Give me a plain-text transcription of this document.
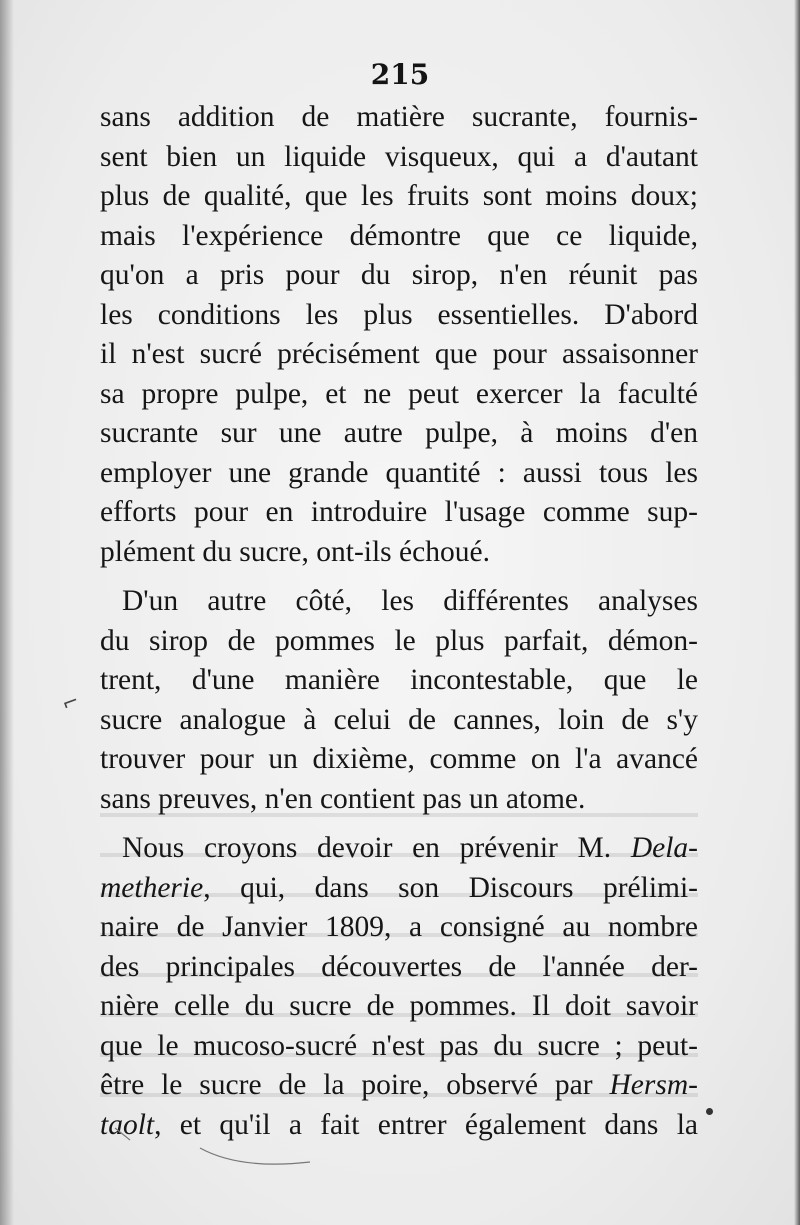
215
sans addition de matière sucrante, fournis-
sent bien un liquide visqueux, qui a d'autant
plus de qualité, que les fruits sont moins doux;
mais l'expérience démontre que ce liquide,
qu'on a pris pour du sirop, n'en réunit pas
les conditions les plus essentielles. D'abord
il n'est sucré précisément que pour assaisonner
sa propre pulpe, et ne peut exercer la faculté
sucrante sur une autre pulpe, à moins d'en
employer une grande quantité : aussi tous les
efforts pour en introduire l'usage comme sup-
plément du sucre, ont-ils échoué.
D'un autre côté, les différentes analyses
du sirop de pommes le plus parfait, démon-
trent, d'une manière incontestable, que le
sucre analogue à celui de cannes, loin de s'y
trouver pour un dixième, comme on l'a avancé
sans preuves, n'en contient pas un atome.
Nous croyons devoir en prévenir M. Dela-
metherie, qui, dans son Discours prélimi-
naire de Janvier 1809, a consigné au nombre
des principales découvertes de l'année der-
nière celle du sucre de pommes. Il doit savoir
que le mucoso-sucré n'est pas du sucre ; peut-
être le sucre de la poire, observé par Hersm-
taolt, et qu'il a fait entrer également dans la
⌐
